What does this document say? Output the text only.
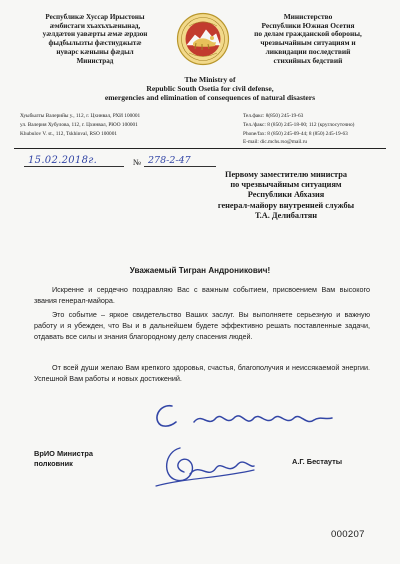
Республикæ Хуссар Ирыстоны
æмбистаги хъахъхъæнынад,
уæлдæтон уавæрты æмæ æрдзон
фыдбылызты фæстиуджытæ
нуварс кæныны фæдыл
Министрад
Министерство
Республики Южная Осетия
по делам гражданской обороны,
чрезвычайным ситуациям и
ликвидации последствий
стихийных бедствий
The Ministry of
Republic South Osetia for civil defense,
emergencies and elimination of consequences of natural disasters
Хуыбылты Валерийы у., 112, г. Цхинвал, РХИ 100001
ул. Валерия Хубулова, 112, г. Цхинвал, РЮО 100001
Khubulov V. st., 112, Tskhinval, RSO 100001
Тел.факс: 8(850) 245-19-63
Тел./факс: 8 (850) 245-18-00; 112 (круглосуточно)
Phone/fax: 8 (850) 245-09-44; 8 (850) 245-19-63
E-mail: dic.mchs.rso@mail.ru
15.02.2018г.	№ 278-2-47
Первому заместителю министра
по чрезвычайным ситуациям
Республики Абхазия
генерал-майору внутренней службы
Т.А. Делибалтян
Уважаемый Тигран Андроникович!
Искренне и сердечно поздравляю Вас с важным событием, присвоением Вам высокого звания генерал-майора.
Это событие – яркое свидетельство Ваших заслуг. Вы выполняете серьезную и важную работу и я убежден, что Вы и в дальнейшем будете эффективно решать поставленные задачи, отдавать все силы и знания благородному делу спасения людей.
От всей души желаю Вам крепкого здоровья, счастья, благополучия и неиссякаемой энергии. Успешной Вам работы и новых достижений.
ВрИО Министра
полковник	А.Г. Бестауты
000207
